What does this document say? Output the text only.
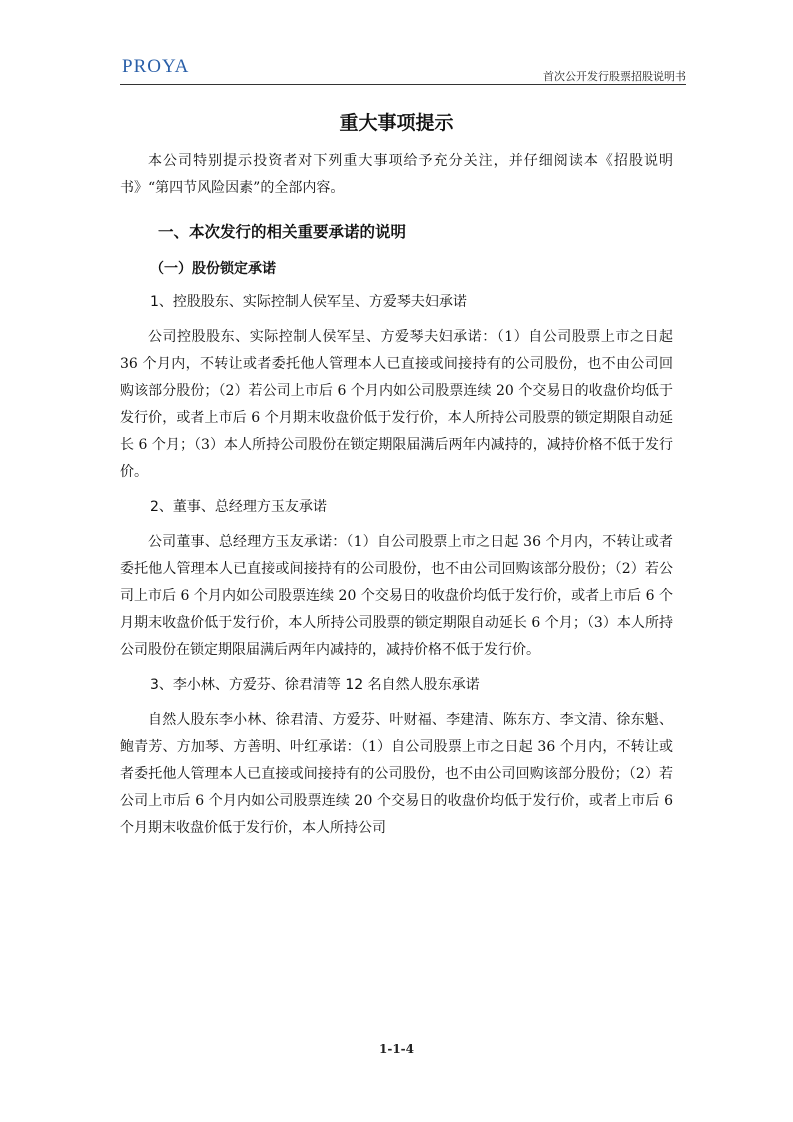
PROYA	首次公开发行股票招股说明书
重大事项提示

本公司特别提示投资者对下列重大事项给予充分关注，并仔细阅读本《招股说明书》“第四节风险因素”的全部内容。

一、本次发行的相关重要承诺的说明
（一）股份锁定承诺
1、控股股东、实际控制人侯军呈、方爱琴夫妇承诺

公司控股股东、实际控制人侯军呈、方爱琴夫妇承诺：（1）自公司股票上市之日起 36 个月内，不转让或者委托他人管理本人已直接或间接持有的公司股份，也不由公司回购该部分股份；（2）若公司上市后 6 个月内如公司股票连续 20 个交易日的收盘价均低于发行价，或者上市后 6 个月期末收盘价低于发行价，本人所持公司股票的锁定期限自动延长 6 个月；（3）本人所持公司股份在锁定期限届满后两年内减持的，减持价格不低于发行价。

2、董事、总经理方玉友承诺

公司董事、总经理方玉友承诺：（1）自公司股票上市之日起 36 个月内，不转让或者委托他人管理本人已直接或间接持有的公司股份，也不由公司回购该部分股份；（2）若公司上市后 6 个月内如公司股票连续 20 个交易日的收盘价均低于发行价，或者上市后 6 个月期末收盘价低于发行价，本人所持公司股票的锁定期限自动延长 6 个月；（3）本人所持公司股份在锁定期限届满后两年内减持的，减持价格不低于发行价。

3、李小林、方爱芬、徐君清等 12 名自然人股东承诺

自然人股东李小林、徐君清、方爱芬、叶财福、李建清、陈东方、李文清、徐东魁、鲍青芳、方加琴、方善明、叶红承诺：（1）自公司股票上市之日起 36 个月内，不转让或者委托他人管理本人已直接或间接持有的公司股份，也不由公司回购该部分股份；（2）若公司上市后 6 个月内如公司股票连续 20 个交易日的收盘价均低于发行价，或者上市后 6 个月期末收盘价低于发行价，本人所持公司

1-1-4
